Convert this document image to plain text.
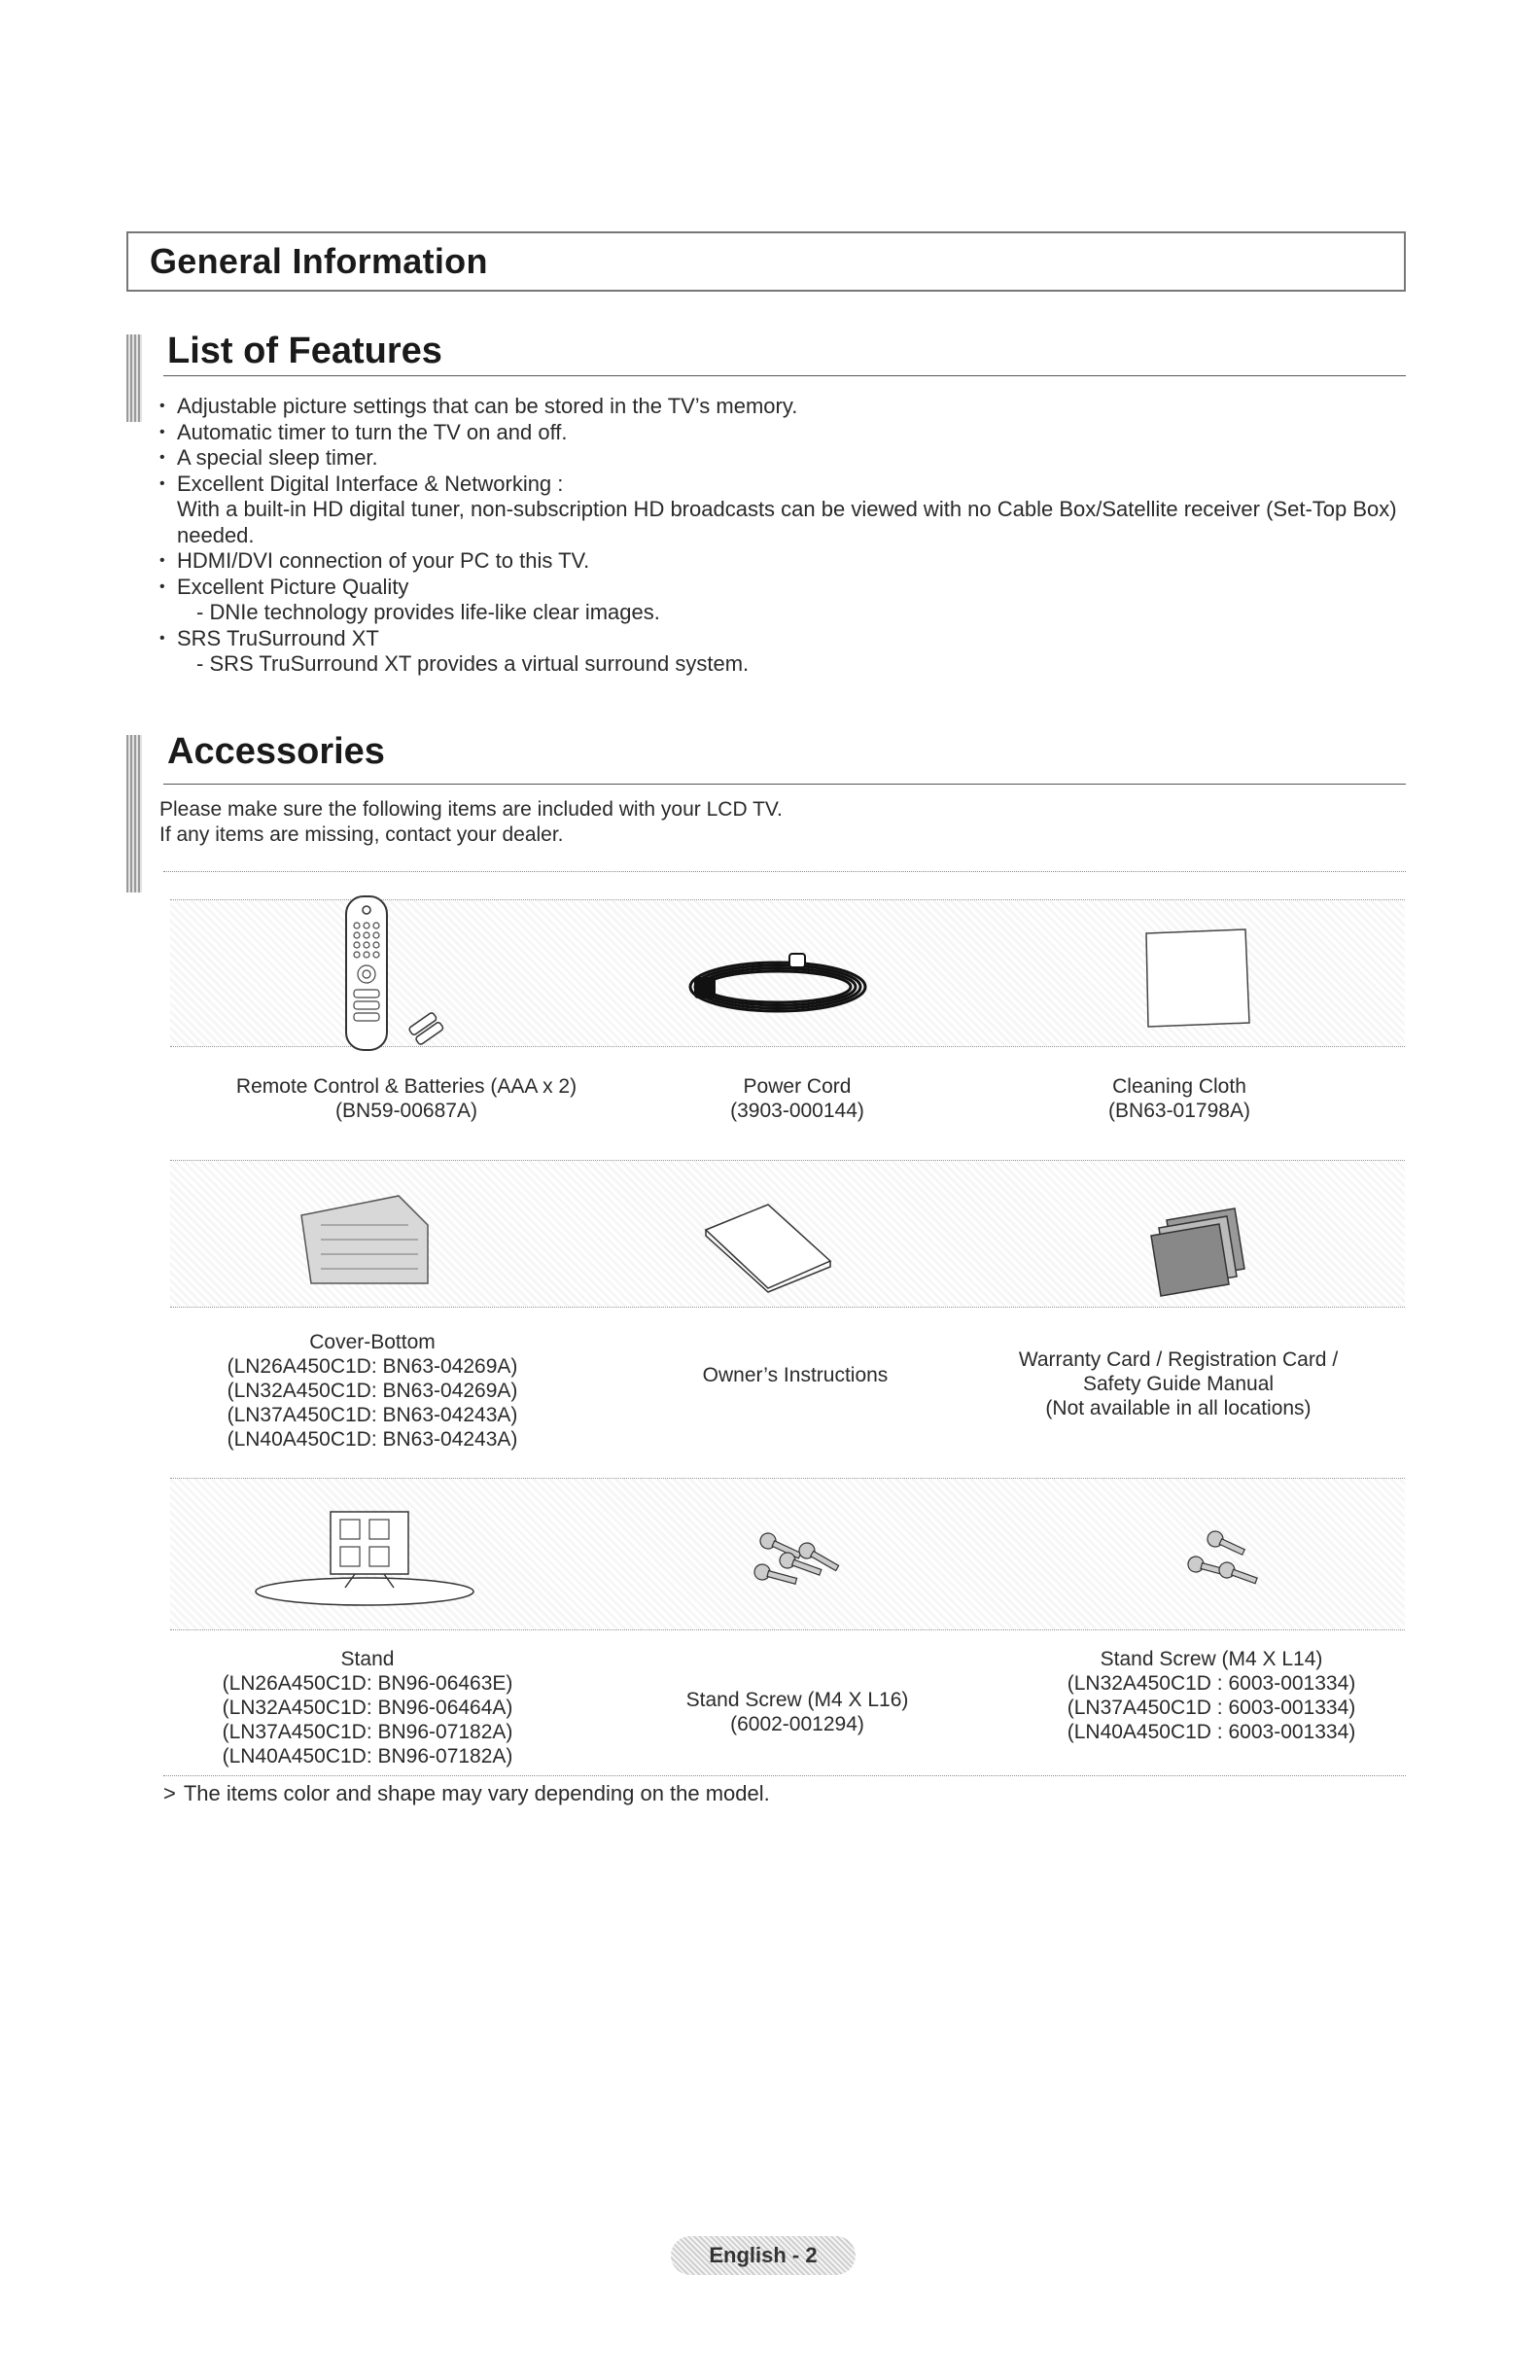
General Information
List of Features
• Adjustable picture settings that can be stored in the TV’s memory.
• Automatic timer to turn the TV on and off.
• A special sleep timer.
• Excellent Digital Interface & Networking :
With a built-in HD digital tuner, non-subscription HD broadcasts can be viewed with no Cable Box/Satellite receiver (Set-Top Box) needed.
• HDMI/DVI connection of your PC to this TV.
• Excellent Picture Quality
- DNIe technology provides life-like clear images.
• SRS TruSurround XT
- SRS TruSurround XT provides a virtual surround system.
Accessories
Please make sure the following items are included with your LCD TV.
If any items are missing, contact your dealer.
Remote Control & Batteries (AAA x 2)
(BN59-00687A)
Power Cord
(3903-000144)
Cleaning Cloth
(BN63-01798A)
Cover-Bottom
(LN26A450C1D: BN63-04269A)
(LN32A450C1D: BN63-04269A)
(LN37A450C1D: BN63-04243A)
(LN40A450C1D: BN63-04243A)
Owner’s Instructions
Warranty Card / Registration Card /
Safety Guide Manual
(Not available in all locations)
Stand
(LN26A450C1D: BN96-06463E)
(LN32A450C1D: BN96-06464A)
(LN37A450C1D: BN96-07182A)
(LN40A450C1D: BN96-07182A)
Stand Screw (M4 X L16)
(6002-001294)
Stand Screw (M4 X L14)
(LN32A450C1D : 6003-001334)
(LN37A450C1D : 6003-001334)
(LN40A450C1D : 6003-001334)
> The items color and shape may vary depending on the model.
English - 2
